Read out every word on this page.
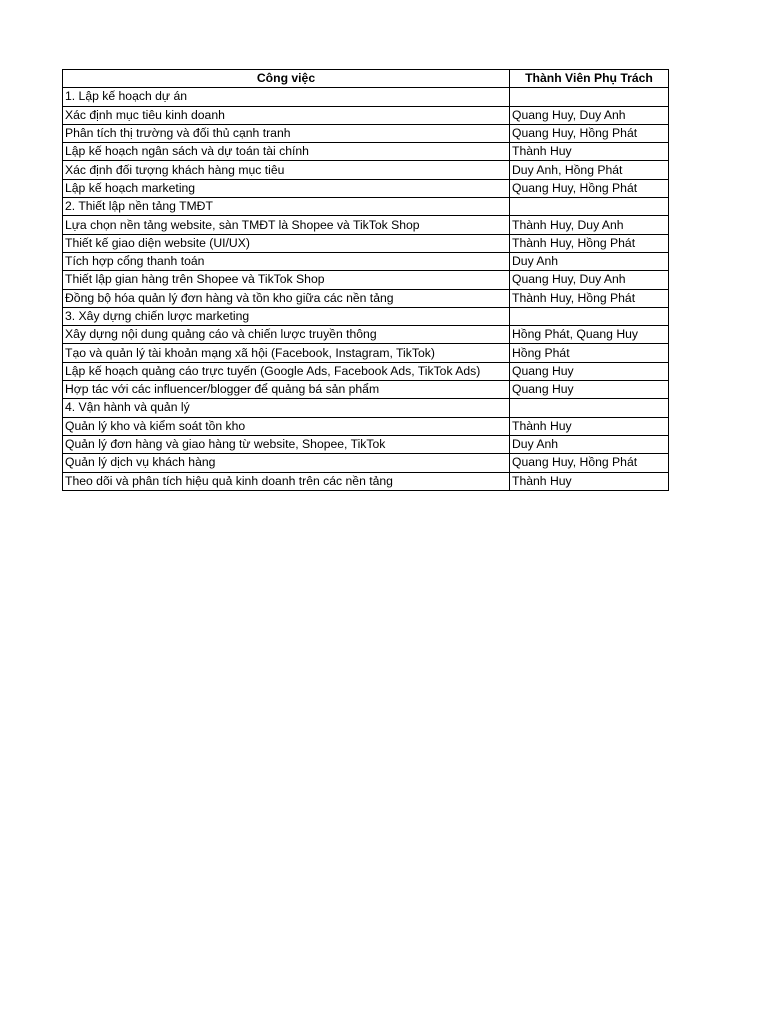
Công việc	Thành Viên Phụ Trách
1. Lập kế hoạch dự án	
Xác định mục tiêu kinh doanh	Quang Huy, Duy Anh
Phân tích thị trường và đối thủ cạnh tranh	Quang Huy, Hồng Phát
Lập kế hoạch ngân sách và dự toán tài chính	Thành Huy
Xác định đối tượng khách hàng mục tiêu	Duy Anh, Hồng Phát
Lập kế hoạch marketing	Quang Huy, Hồng Phát
2. Thiết lập nền tảng TMĐT	
Lựa chọn nền tảng website, sàn TMĐT là Shopee và TikTok Shop	Thành Huy, Duy Anh
Thiết kế giao diện website (UI/UX)	Thành Huy, Hồng Phát
Tích hợp cổng thanh toán	Duy Anh
Thiết lập gian hàng trên Shopee và TikTok Shop	Quang Huy, Duy Anh
Đồng bộ hóa quản lý đơn hàng và tồn kho giữa các nền tảng	Thành Huy, Hồng Phát
3. Xây dựng chiến lược marketing	
Xây dựng nội dung quảng cáo và chiến lược truyền thông	Hồng Phát, Quang Huy
Tạo và quản lý tài khoản mạng xã hội (Facebook, Instagram, TikTok)	Hồng Phát
Lập kế hoạch quảng cáo trực tuyến (Google Ads, Facebook Ads, TikTok Ads)	Quang Huy
Hợp tác với các influencer/blogger để quảng bá sản phẩm	Quang Huy
4. Vận hành và quản lý	
Quản lý kho và kiểm soát tồn kho	Thành Huy
Quản lý đơn hàng và giao hàng từ website, Shopee, TikTok	Duy Anh
Quản lý dịch vụ khách hàng	Quang Huy, Hồng Phát
Theo dõi và phân tích hiệu quả kinh doanh trên các nền tảng	Thành Huy
